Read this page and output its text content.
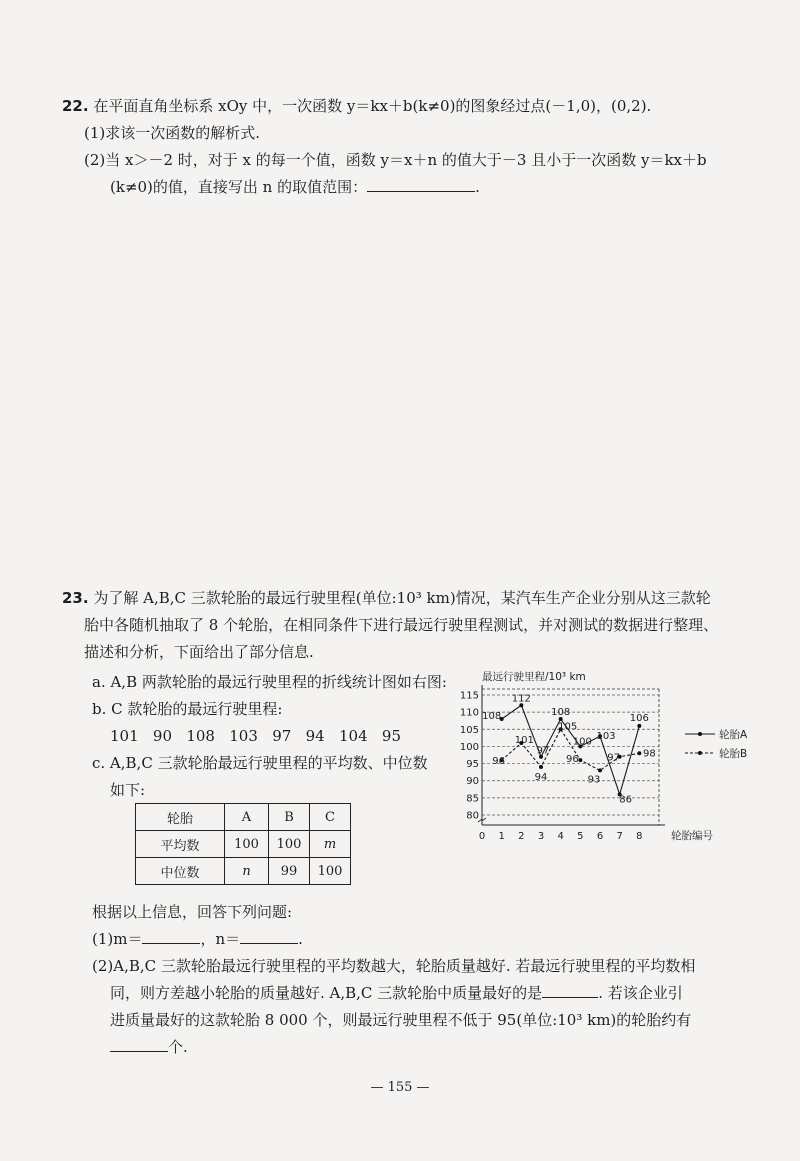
22. 在平面直角坐标系 xOy 中，一次函数 y＝kx＋b(k≠0)的图象经过点(－1,0)，(0,2).
(1)求该一次函数的解析式.
(2)当 x＞－2 时，对于 x 的每一个值，函数 y＝x＋n 的值大于－3 且小于一次函数 y＝kx＋b
(k≠0)的值，直接写出 n 的取值范围：	.
23. 为了解 A,B,C 三款轮胎的最远行驶里程(单位:10³ km)情况，某汽车生产企业分别从这三款轮
胎中各随机抽取了 8 个轮胎，在相同条件下进行最远行驶里程测试，并对测试的数据进行整理、
描述和分析，下面给出了部分信息.
a. A,B 两款轮胎的最远行驶里程的折线统计图如右图:
b. C 款轮胎的最远行驶里程:
101   90   108   103   97   94   104   95
c. A,B,C 三款轮胎最远行驶里程的平均数、中位数
如下:
轮胎	A	B	C
平均数	100	100	m
中位数	n	99	100
最远行驶里程/10³ km
80
85
90
95
100
105
110
115
0 1 2 3 4 5 6 7 8	轮胎编号
108
112
97
108
100 103
86
106
96
101
94
105
96
93
97 98
轮胎A
轮胎B
根据以上信息，回答下列问题:
(1)m＝	，n＝	.
(2)A,B,C 三款轮胎最远行驶里程的平均数越大，轮胎质量越好. 若最远行驶里程的平均数相
同，则方差越小轮胎的质量越好. A,B,C 三款轮胎中质量最好的是	. 若该企业引
进质量最好的这款轮胎 8 000 个，则最远行驶里程不低于 95(单位:10³ km)的轮胎约有
个.
— 155 —
